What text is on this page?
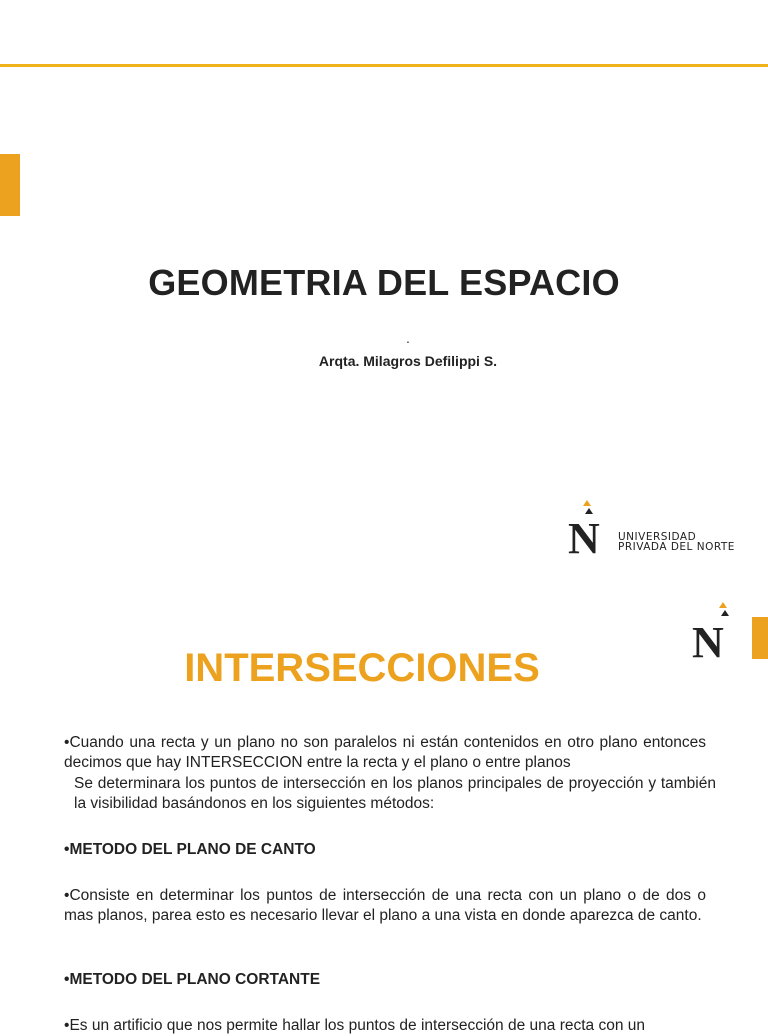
GEOMETRIA DEL ESPACIO
.
Arqta. Milagros Defilippi S.
N UNIVERSIDAD
PRIVADA DEL NORTE
N
INTERSECCIONES
•Cuando una recta y un plano no son paralelos ni están contenidos en otro plano entonces decimos que hay INTERSECCION entre la recta y el plano o entre planos
Se determinara los puntos de intersección en los planos principales de proyección y también la visibilidad basándonos en los siguientes métodos:
•METODO DEL PLANO DE CANTO
•Consiste en determinar los puntos de intersección de una recta con un plano o de dos o mas planos, parea esto es necesario llevar el plano a una vista en donde aparezca de canto.
•METODO DEL PLANO CORTANTE
•Es un artificio que nos permite hallar los puntos de intersección de una recta con un
